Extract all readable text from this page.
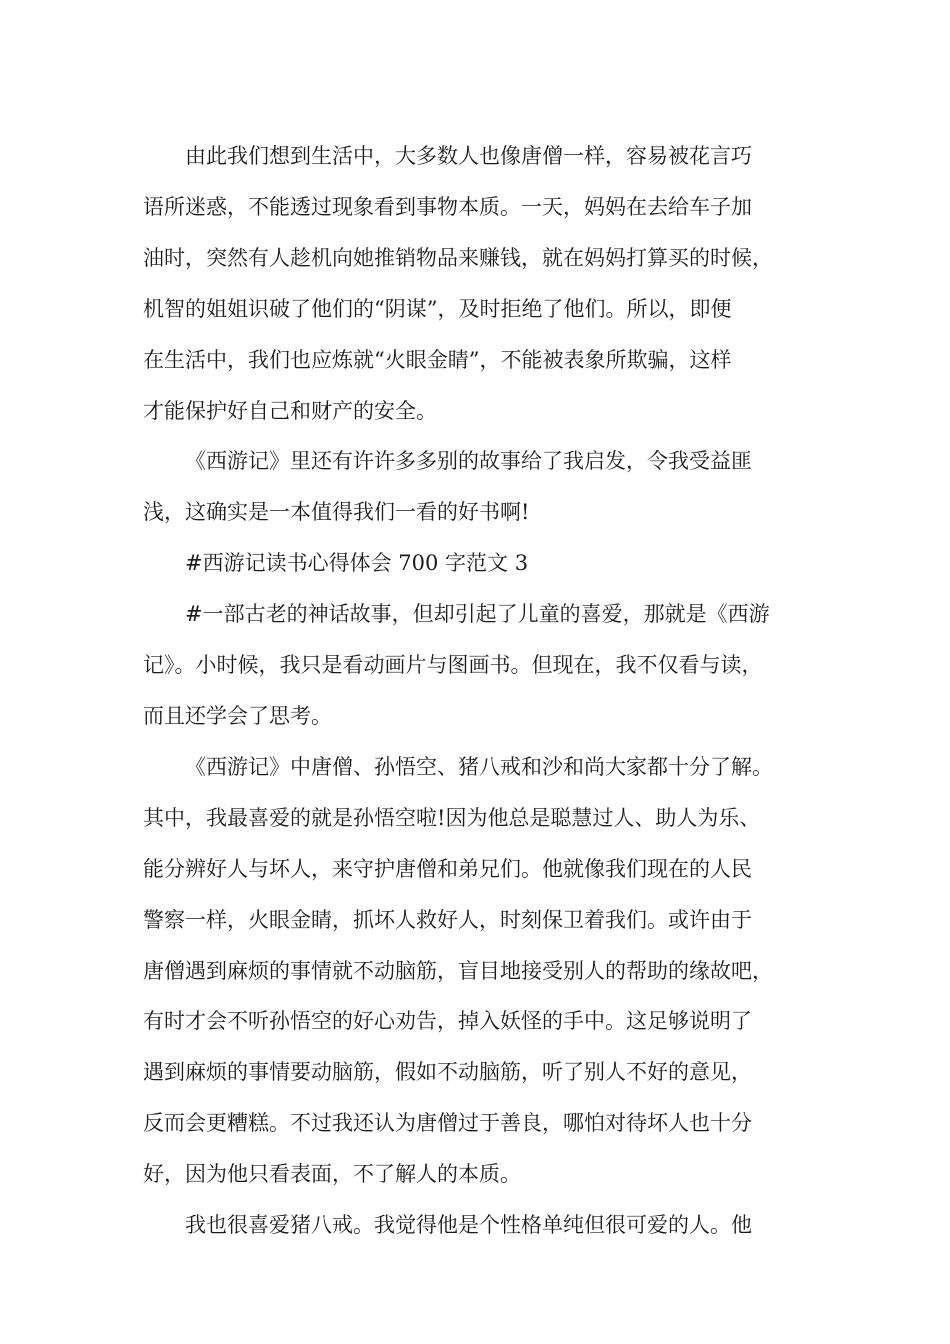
由此我们想到生活中，大多数人也像唐僧一样，容易被花言巧
语所迷惑，不能透过现象看到事物本质。一天，妈妈在去给车子加
油时，突然有人趁机向她推销物品来赚钱，就在妈妈打算买的时候，
机智的姐姐识破了他们的“阴谋”，及时拒绝了他们。所以，即便
在生活中，我们也应炼就“火眼金睛”，不能被表象所欺骗，这样
才能保护好自己和财产的安全。
《西游记》里还有许许多多别的故事给了我启发，令我受益匪
浅，这确实是一本值得我们一看的好书啊!
#西游记读书心得体会 700 字范文 3
#一部古老的神话故事，但却引起了儿童的喜爱，那就是《西游
记》。小时候，我只是看动画片与图画书。但现在，我不仅看与读，
而且还学会了思考。
《西游记》中唐僧、孙悟空、猪八戒和沙和尚大家都十分了解。
其中，我最喜爱的就是孙悟空啦!因为他总是聪慧过人、助人为乐、
能分辨好人与坏人，来守护唐僧和弟兄们。他就像我们现在的人民
警察一样，火眼金睛，抓坏人救好人，时刻保卫着我们。或许由于
唐僧遇到麻烦的事情就不动脑筋，盲目地接受别人的帮助的缘故吧，
有时才会不听孙悟空的好心劝告，掉入妖怪的手中。这足够说明了
遇到麻烦的事情要动脑筋，假如不动脑筋，听了别人不好的意见，
反而会更糟糕。不过我还认为唐僧过于善良，哪怕对待坏人也十分
好，因为他只看表面，不了解人的本质。
我也很喜爱猪八戒。我觉得他是个性格单纯但很可爱的人。他
